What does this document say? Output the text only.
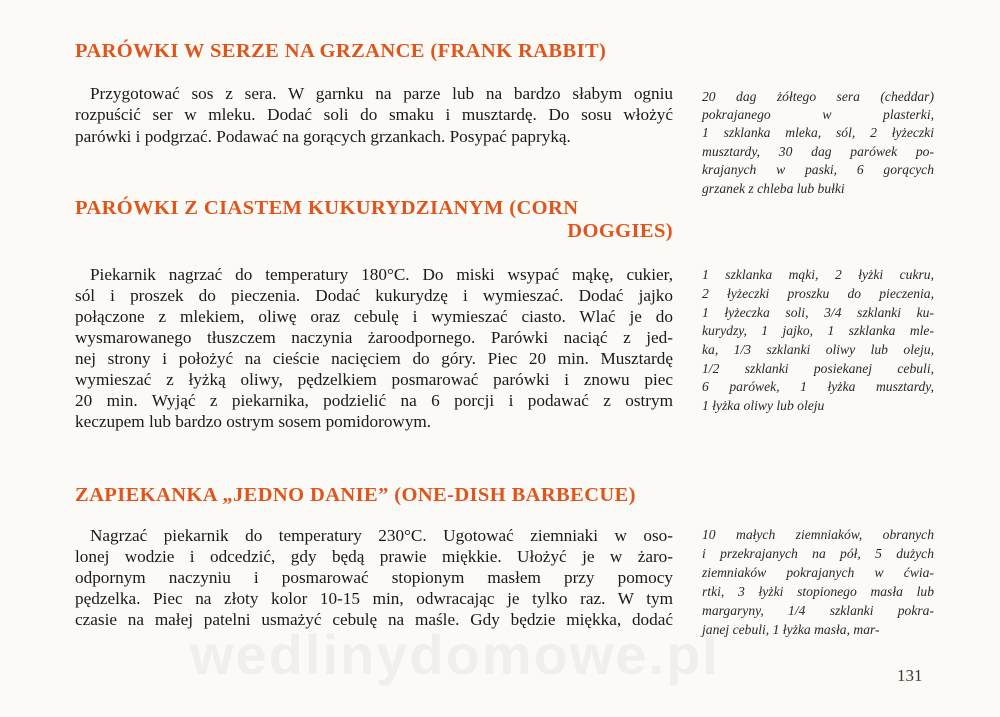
PARÓWKI W SERZE NA GRZANCE (FRANK RABBIT)

Przygotować sos z sera. W garnku na parze lub na bardzo słabym ogniu

rozpuścić ser w mleku. Dodać soli do smaku i musztardę. Do sosu włożyć

parówki i podgrzać. Podawać na gorących grzankach. Posypać papryką.

20 dag żółtego sera (cheddar)

pokrajanego w plasterki,

1 szklanka mleka, sól, 2 łyżeczki

musztardy, 30 dag parówek po-

krajanych w paski, 6 gorących

grzanek z chleba lub bułki

PARÓWKI Z CIASTEM KUKURYDZIANYM (CORN
DOGGIES)

Piekarnik nagrzać do temperatury 180°C. Do miski wsypać mąkę, cukier,

sól i proszek do pieczenia. Dodać kukurydzę i wymieszać. Dodać jajko

połączone z mlekiem, oliwę oraz cebulę i wymieszać ciasto. Wlać je do

wysmarowanego tłuszczem naczynia żaroodpornego. Parówki naciąć z jed-

nej strony i położyć na cieście nacięciem do góry. Piec 20 min. Musztardę

wymieszać z łyżką oliwy, pędzelkiem posmarować parówki i znowu piec

20 min. Wyjąć z piekarnika, podzielić na 6 porcji i podawać z ostrym

keczupem lub bardzo ostrym sosem pomidorowym.

1 szklanka mąki, 2 łyżki cukru,

2 łyżeczki proszku do pieczenia,

1 łyżeczka soli, 3/4 szklanki ku-

kurydzy, 1 jajko, 1 szklanka mle-

ka, 1/3 szklanki oliwy lub oleju,

1/2 szklanki posiekanej cebuli,

6 parówek, 1 łyżka musztardy,

1 łyżka oliwy lub oleju

ZAPIEKANKA „JEDNO DANIE” (ONE-DISH BARBECUE)

Nagrzać piekarnik do temperatury 230°C. Ugotować ziemniaki w oso-

lonej wodzie i odcedzić, gdy będą prawie miękkie. Ułożyć je w żaro-

odpornym naczyniu i posmarować stopionym masłem przy pomocy

pędzelka. Piec na złoty kolor 10-15 min, odwracając je tylko raz. W tym

czasie na małej patelni usmażyć cebulę na maśle. Gdy będzie miękka, dodać

10 małych ziemniaków, obranych

i przekrajanych na pół, 5 dużych

ziemniaków pokrajanych w ćwia-

rtki, 3 łyżki stopionego masła lub

margaryny, 1/4 szklanki pokra-

janej cebuli, 1 łyżka masła, mar-

wedlinydomowe.pl	131
